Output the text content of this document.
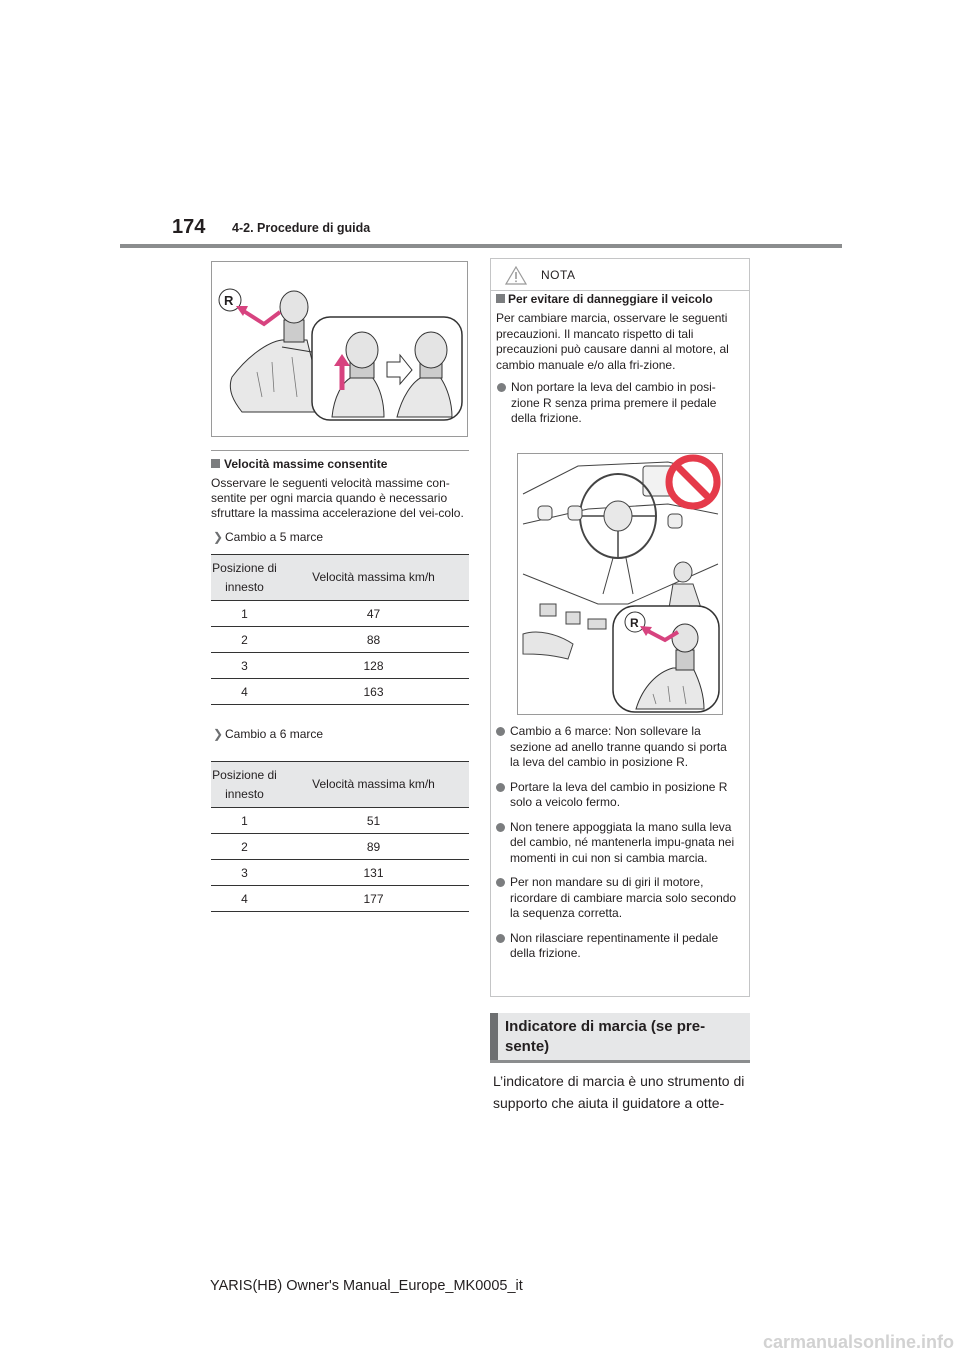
174 4-2. Procedure di guida
R
Velocità massime consentite
Osservare le seguenti velocità massime con-sentite per ogni marcia quando è necessario sfruttare la massima accelerazione del vei-colo.
❯ Cambio a 5 marce
Posizione di innesto	Velocità massima km/h
1	47
2	88
3	128
4	163
❯ Cambio a 6 marce
Posizione di innesto	Velocità massima km/h
1	51
2	89
3	131
4	177
NOTA
Per evitare di danneggiare il veicolo
Per cambiare marcia, osservare le seguenti precauzioni. Il mancato rispetto di tali precauzioni può causare danni al motore, al cambio manuale e/o alla fri-zione.
Non portare la leva del cambio in posi-zione R senza prima premere il pedale della frizione.
R
Cambio a 6 marce: Non sollevare la sezione ad anello tranne quando si porta la leva del cambio in posizione R.
Portare la leva del cambio in posizione R solo a veicolo fermo.
Non tenere appoggiata la mano sulla leva del cambio, né mantenerla impu-gnata nei momenti in cui non si cambia marcia.
Per non mandare su di giri il motore, ricordare di cambiare marcia solo secondo la sequenza corretta.
Non rilasciare repentinamente il pedale della frizione.
Indicatore di marcia (se pre-sente)
L’indicatore di marcia è uno strumento di supporto che aiuta il guidatore a otte-
YARIS(HB) Owner's Manual_Europe_MK0005_it
carmanualsonline.info
